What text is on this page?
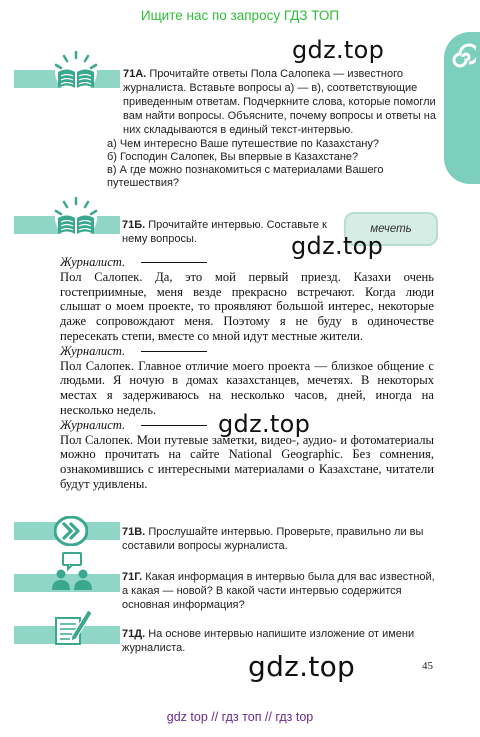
Ищите нас по запросу ГДЗ ТОП

71А. Прочитайте ответы Пола Салопека — известного журналиста. Вставьте вопросы а) — в), соответствующие приведенным ответам. Подчеркните слова, которые помогли вам найти вопросы. Объясните, почему вопросы и ответы на них складываются в единый текст-интервью.

а) Чем интересно Ваше путешествие по Казахстану?

б) Господин Салопек, Вы впервые в Казахстане?

в) А где можно познакомиться с материалами Вашего путешествия?

71Б. Прочитайте интервью. Составьте к нему вопросы.

мечеть

Журналист.

Пол Салопек. Да, это мой первый приезд. Казахи очень гостеприимные, меня везде прекрасно встречают. Когда люди слышат о моем проекте, то проявляют большой интерес, некоторые даже сопровождают меня. Поэтому я не буду в одиночестве пересекать степи, вместе со мной идут местные жители.

Журналист.

Пол Салопек. Главное отличие моего проекта — близкое общение с людьми. Я ночую в домах казахстанцев, мечетях. В некоторых местах я задерживаюсь на несколько часов, дней, иногда на несколько недель.

Журналист.

Пол Салопек. Мои путевые заметки, видео-, аудио- и фотоматериалы можно прочитать на сайте National Geographic. Без сомнения, ознакомившись с интересными материалами о Казахстане, читатели будут удивлены.

71В. Прослушайте интервью. Проверьте, правильно ли вы составили вопросы журналиста.

71Г. Какая информация в интервью была для вас известной, а какая — новой? В какой части интервью содержится основная информация?

71Д. На основе интервью напишите изложение от имени журналиста.

gdz.top
gdz.top
gdz.top
gdz.top	45
gdz top // гдз топ // гдз top
